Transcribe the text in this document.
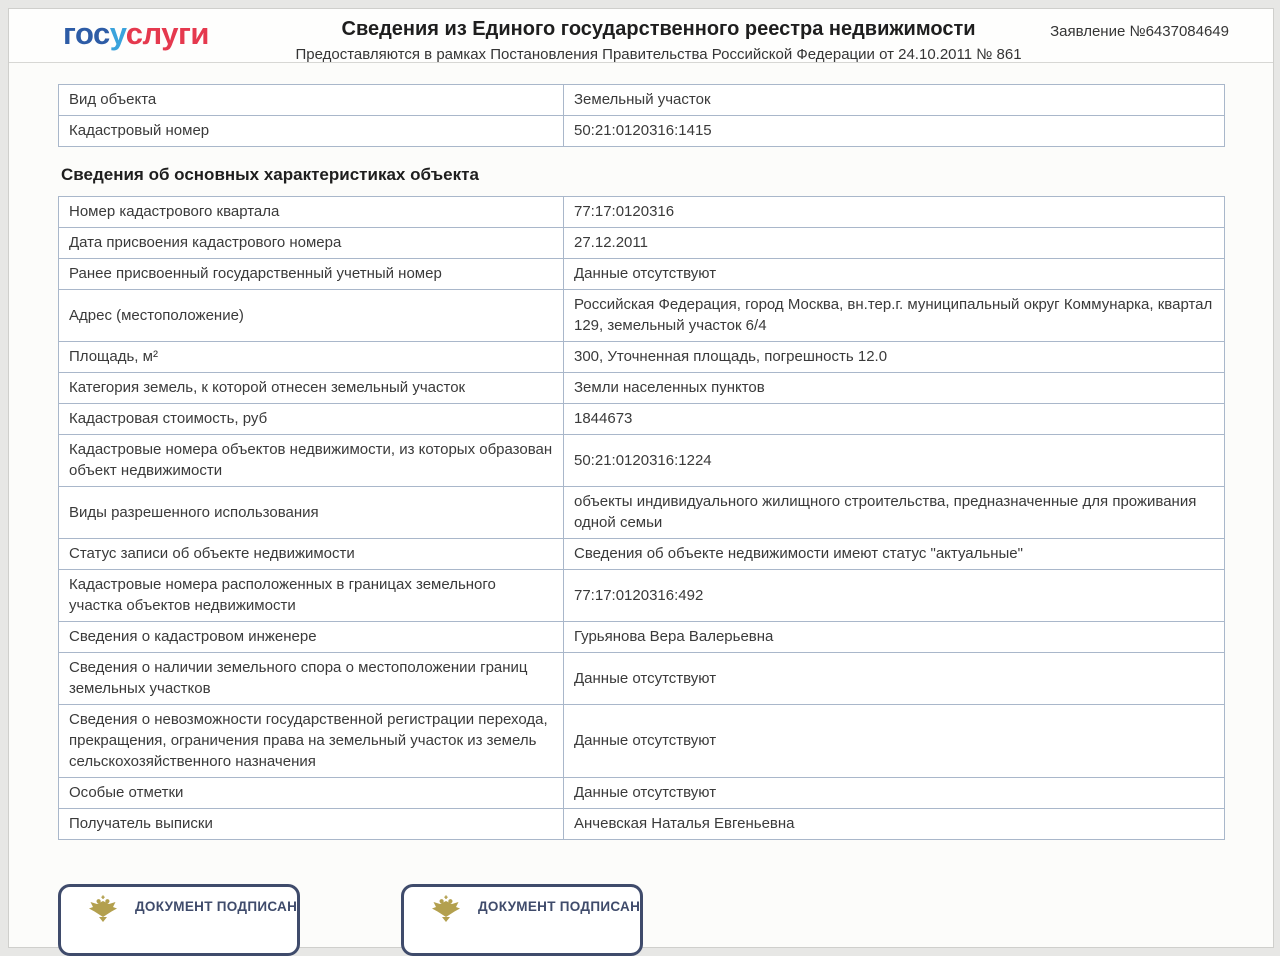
госуслуги	Сведения из Единого государственного реестра недвижимости
Предоставляются в рамках Постановления Правительства Российской Федерации от 24.10.2011 № 861
Заявление №6437084649
Вид объекта	Земельный участок
Кадастровый номер	50:21:0120316:1415
Сведения об основных характеристиках объекта
Номер кадастрового квартала	77:17:0120316
Дата присвоения кадастрового номера	27.12.2011
Ранее присвоенный государственный учетный номер	Данные отсутствуют
Адрес (местоположение)	Российская Федерация, город Москва, вн.тер.г. муниципальный округ Коммунарка, квартал 129, земельный участок 6/4
Площадь, м²	300, Уточненная площадь, погрешность 12.0
Категория земель, к которой отнесен земельный участок	Земли населенных пунктов
Кадастровая стоимость, руб	1844673
Кадастровые номера объектов недвижимости, из которых образован объект недвижимости	50:21:0120316:1224
Виды разрешенного использования	объекты индивидуального жилищного строительства, предназначенные для проживания одной семьи
Статус записи об объекте недвижимости	Сведения об объекте недвижимости имеют статус "актуальные"
Кадастровые номера расположенных в границах земельного участка объектов недвижимости	77:17:0120316:492
Сведения о кадастровом инженере	Гурьянова Вера Валерьевна
Сведения о наличии земельного спора о местоположении границ земельных участков	Данные отсутствуют
Сведения о невозможности государственной регистрации перехода, прекращения, ограничения права на земельный участок из земель сельскохозяйственного назначения	Данные отсутствуют
Особые отметки	Данные отсутствуют
Получатель выписки	Анчевская Наталья Евгеньевна
ДОКУМЕНТ ПОДПИСАН	ДОКУМЕНТ ПОДПИСАН
